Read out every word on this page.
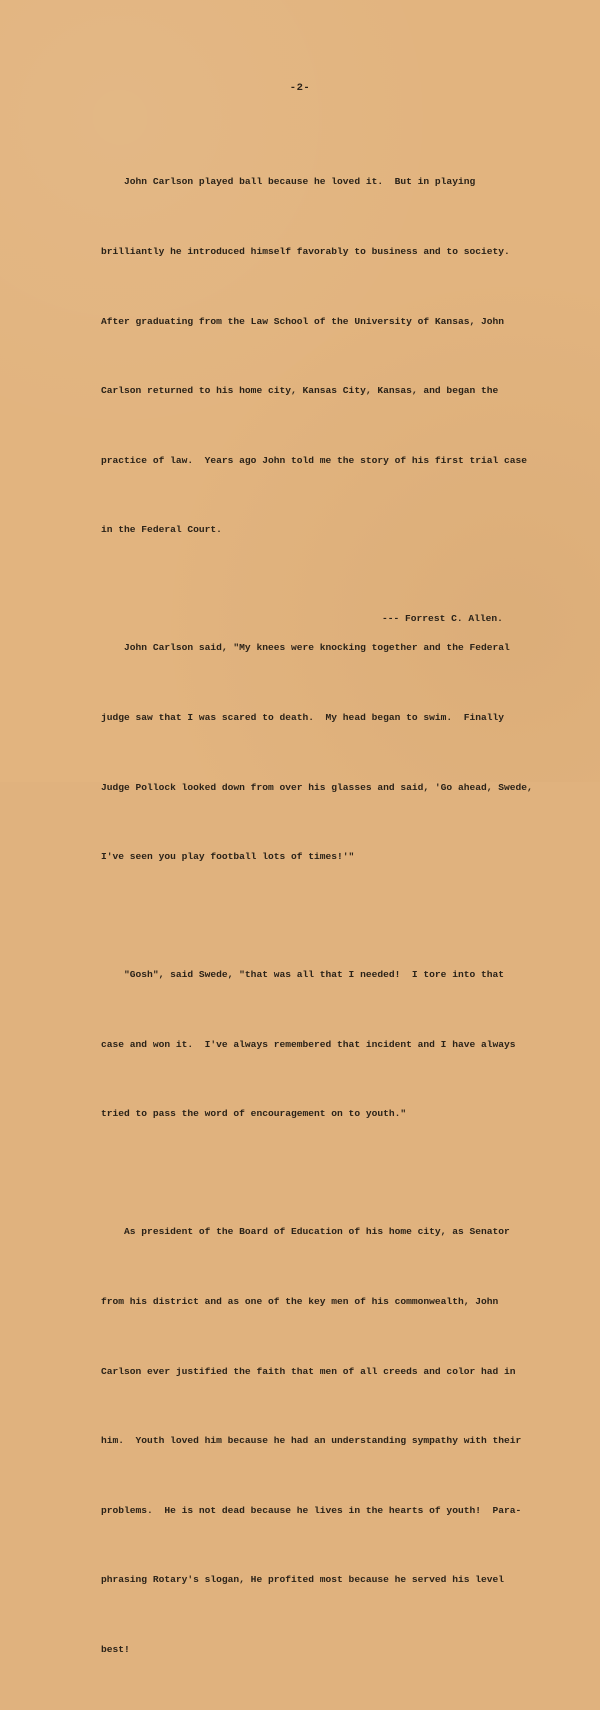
-2-

John Carlson played ball because he loved it.  But in playing

brilliantly he introduced himself favorably to business and to society.

After graduating from the Law School of the University of Kansas, John

Carlson returned to his home city, Kansas City, Kansas, and began the

practice of law.  Years ago John told me the story of his first trial case

in the Federal Court.

John Carlson said, "My knees were knocking together and the Federal

judge saw that I was scared to death.  My head began to swim.  Finally

Judge Pollock looked down from over his glasses and said, 'Go ahead, Swede,

I've seen you play football lots of times!'"

"Gosh", said Swede, "that was all that I needed!  I tore into that

case and won it.  I've always remembered that incident and I have always

tried to pass the word of encouragement on to youth."

As president of the Board of Education of his home city, as Senator

from his district and as one of the key men of his commonwealth, John

Carlson ever justified the faith that men of all creeds and color had in

him.  Youth loved him because he had an understanding sympathy with their

problems.  He is not dead because he lives in the hearts of youth!  Para-

phrasing Rotary's slogan, He profited most because he served his level

best!

--- Forrest C. Allen.
